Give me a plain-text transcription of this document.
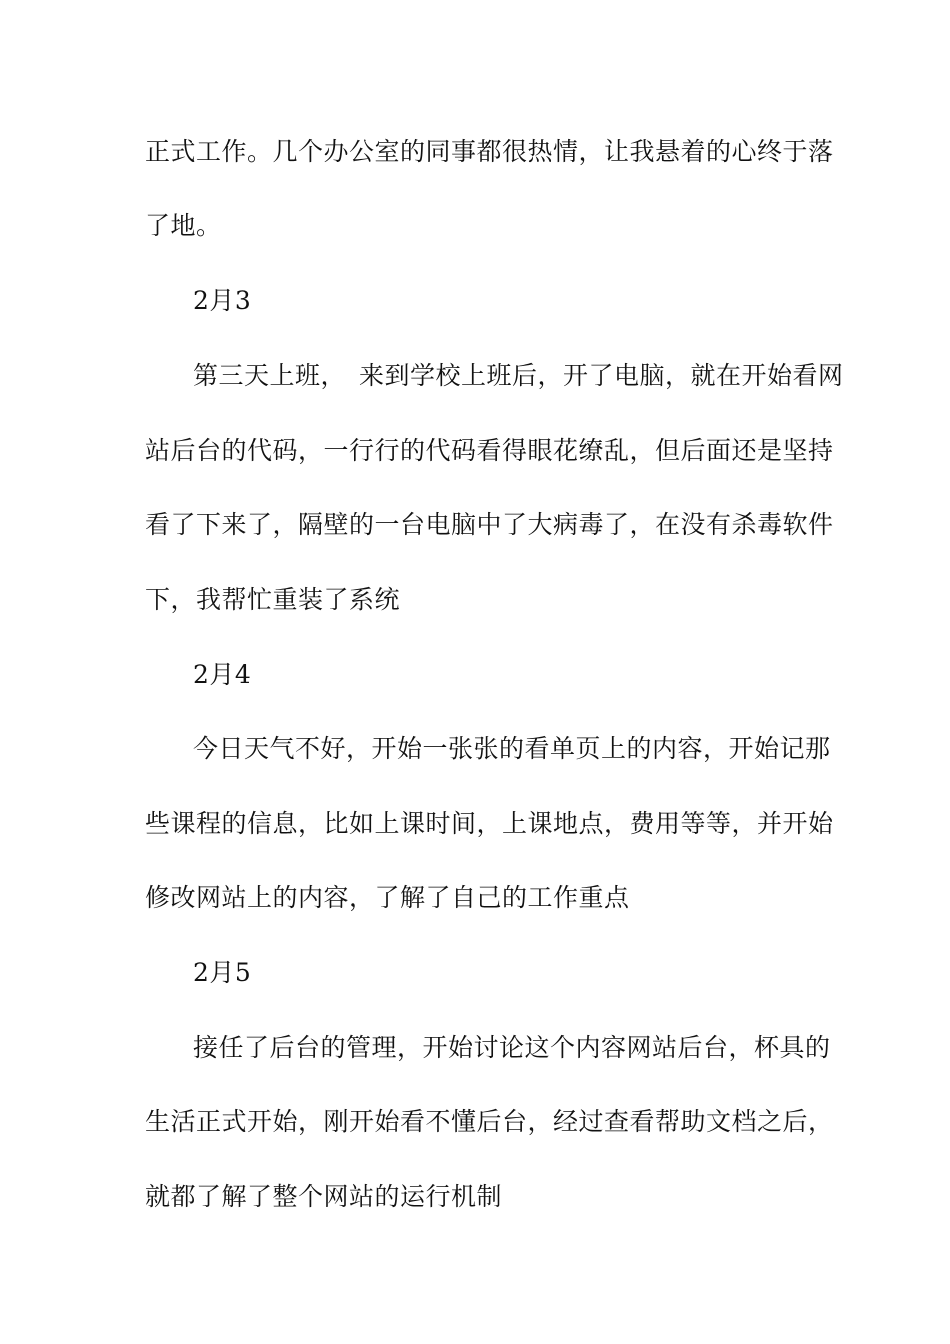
正式工作。几个办公室的同事都很热情，让我悬着的心终于落
了地。
2月3
第三天上班，　来到学校上班后，开了电脑，就在开始看网
站后台的代码，一行行的代码看得眼花缭乱，但后面还是坚持
看了下来了，隔壁的一台电脑中了大病毒了，在没有杀毒软件
下，我帮忙重装了系统
2月4
今日天气不好，开始一张张的看单页上的内容，开始记那
些课程的信息，比如上课时间，上课地点，费用等等，并开始
修改网站上的内容，了解了自己的工作重点
2月5
接任了后台的管理，开始讨论这个内容网站后台，杯具的
生活正式开始，刚开始看不懂后台，经过查看帮助文档之后，
就都了解了整个网站的运行机制
